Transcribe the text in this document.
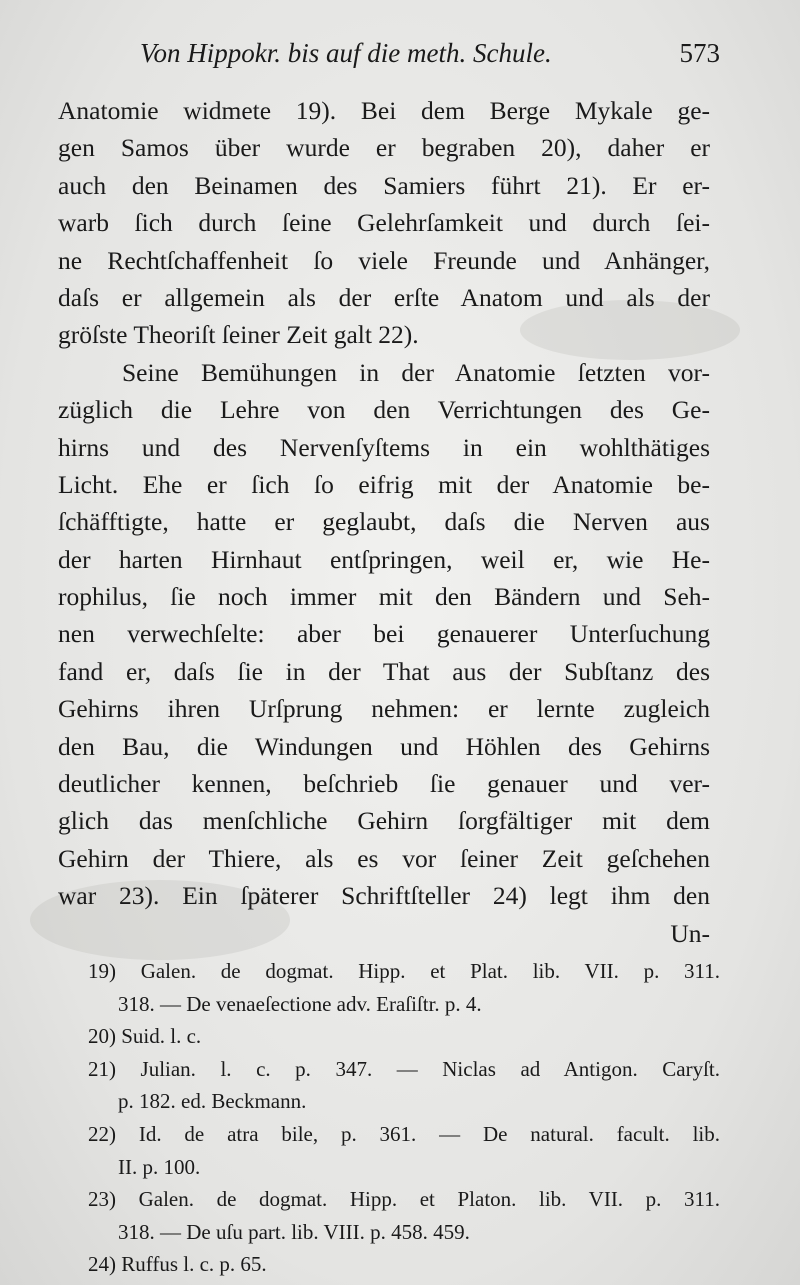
Von Hippokr. bis auf die meth. Schule.	573
Anatomie widmete 19). Bei dem Berge Mykale ge-
gen Samos über wurde er begraben 20), daher er
auch den Beinamen des Samiers führt 21). Er er-
warb ſich durch ſeine Gelehrſamkeit und durch ſei-
ne Rechtſchaffenheit ſo viele Freunde und Anhänger,
daſs er allgemein als der erſte Anatom und als der
gröſste Theoriſt ſeiner Zeit galt 22).
Seine Bemühungen in der Anatomie ſetzten vor-
züglich die Lehre von den Verrichtungen des Ge-
hirns und des Nervenſyſtems in ein wohlthätiges
Licht. Ehe er ſich ſo eifrig mit der Anatomie be-
ſchäfftigte, hatte er geglaubt, daſs die Nerven aus
der harten Hirnhaut entſpringen, weil er, wie He-
rophilus, ſie noch immer mit den Bändern und Seh-
nen verwechſelte: aber bei genauerer Unterſuchung
fand er, daſs ſie in der That aus der Subſtanz des
Gehirns ihren Urſprung nehmen: er lernte zugleich
den Bau, die Windungen und Höhlen des Gehirns
deutlicher kennen, beſchrieb ſie genauer und ver-
glich das menſchliche Gehirn ſorgfältiger mit dem
Gehirn der Thiere, als es vor ſeiner Zeit geſchehen
war 23). Ein ſpäterer Schriftſteller 24) legt ihm den
Un-
19) Galen. de dogmat. Hipp. et Plat. lib. VII. p. 311.
318. — De venaeſectione adv. Eraſiſtr. p. 4.
20) Suid. l. c.
21) Julian. l. c. p. 347. — Niclas ad Antigon. Caryſt.
p. 182. ed. Beckmann.
22) Id. de atra bile, p. 361. — De natural. facult. lib.
II. p. 100.
23) Galen. de dogmat. Hipp. et Platon. lib. VII. p. 311.
318. — De uſu part. lib. VIII. p. 458. 459.
24) Ruffus l. c. p. 65.
